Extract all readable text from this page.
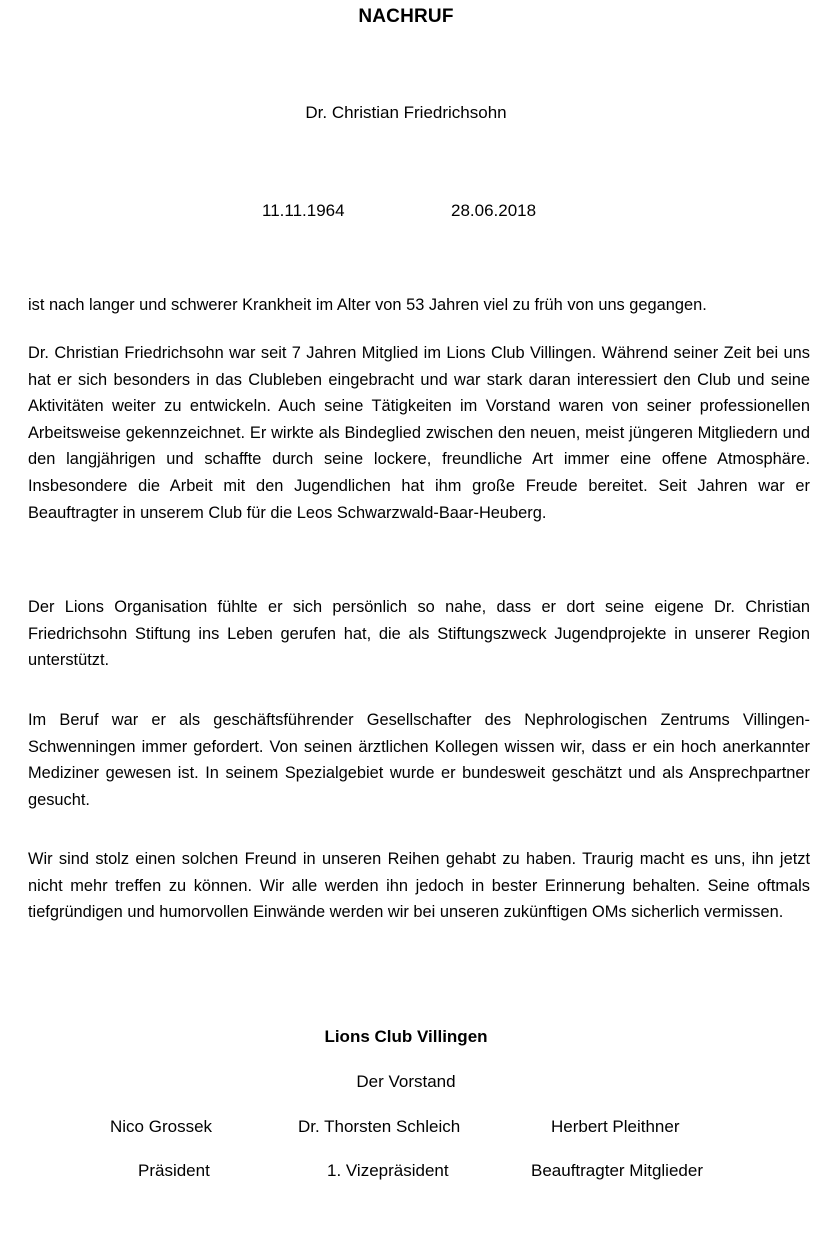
NACHRUF
Dr. Christian Friedrichsohn
11.11.1964	28.06.2018

ist nach langer und schwerer Krankheit im Alter von 53 Jahren viel zu früh von uns gegangen.

Dr. Christian Friedrichsohn war seit 7 Jahren Mitglied im Lions Club Villingen. Während seiner Zeit bei uns hat er sich besonders in das Clubleben eingebracht und war stark daran interessiert den Club und seine Aktivitäten weiter zu entwickeln. Auch seine Tätigkeiten im Vorstand waren von seiner professionellen Arbeitsweise gekennzeichnet. Er wirkte als Bindeglied zwischen den neuen, meist jüngeren Mitgliedern und den langjährigen und schaffte durch seine lockere, freundliche Art immer eine offene Atmosphäre. Insbesondere die Arbeit mit den Jugendlichen hat ihm große Freude bereitet. Seit Jahren war er Beauftragter in unserem Club für die Leos Schwarzwald-Baar-Heuberg.

Der Lions Organisation fühlte er sich persönlich so nahe, dass er dort seine eigene Dr. Christian Friedrichsohn Stiftung ins Leben gerufen hat, die als Stiftungszweck Jugendprojekte in unserer Region unterstützt.

Im Beruf war er als geschäftsführender Gesellschafter des Nephrologischen Zentrums Villingen-Schwenningen immer gefordert. Von seinen ärztlichen Kollegen wissen wir, dass er ein hoch anerkannter Mediziner gewesen ist. In seinem Spezialgebiet wurde er bundesweit geschätzt und als Ansprechpartner gesucht.

Wir sind stolz einen solchen Freund in unseren Reihen gehabt zu haben. Traurig macht es uns, ihn jetzt nicht mehr treffen zu können. Wir alle werden ihn jedoch in bester Erinnerung behalten. Seine oftmals tiefgründigen und humorvollen Einwände werden wir bei unseren zukünftigen OMs sicherlich vermissen.

Lions Club Villingen
Der Vorstand
Nico Grossek	Dr. Thorsten Schleich	Herbert Pleithner
Präsident	1. Vizepräsident	Beauftragter Mitglieder
